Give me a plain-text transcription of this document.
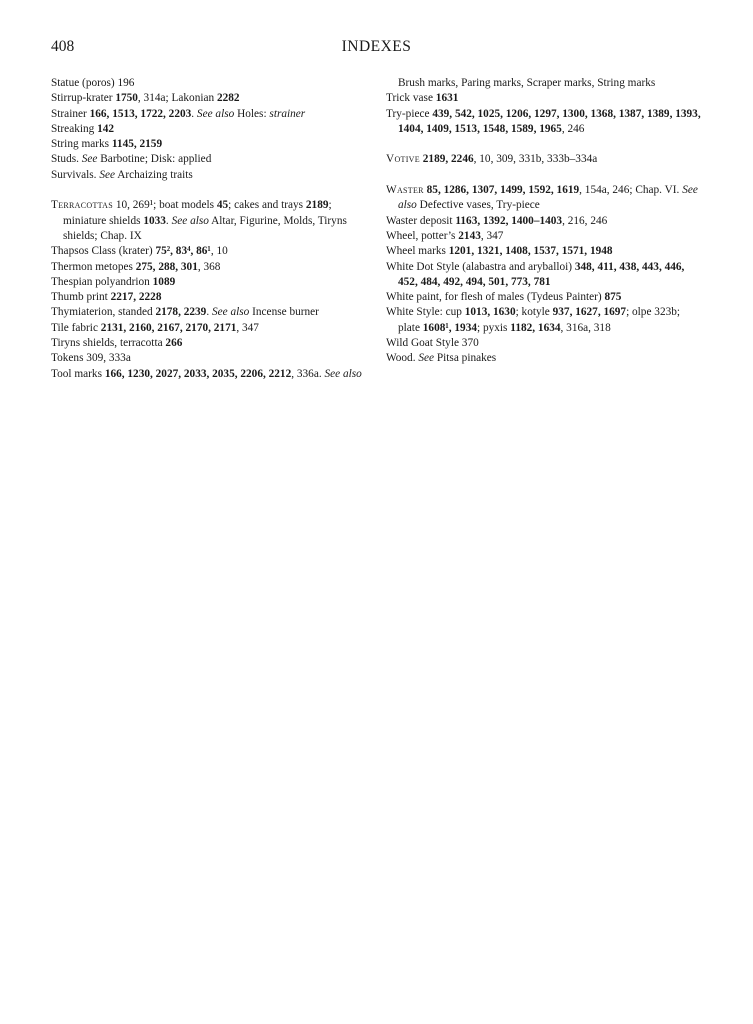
408	INDEXES
Statue (poros) 196
Stirrup-krater 1750, 314a; Lakonian 2282
Strainer 166, 1513, 1722, 2203. See also Holes: strainer
Streaking 142
String marks 1145, 2159
Studs. See Barbotine; Disk: applied
Survivals. See Archaizing traits
Terracottas 10, 269¹; boat models 45; cakes and trays 2189; miniature shields 1033. See also Altar, Figurine, Molds, Tiryns shields; Chap. IX
Thapsos Class (krater) 75², 83⁴, 86¹, 10
Thermon metopes 275, 288, 301, 368
Thespian polyandrion 1089
Thumb print 2217, 2228
Thymiaterion, standed 2178, 2239. See also Incense burner
Tile fabric 2131, 2160, 2167, 2170, 2171, 347
Tiryns shields, terracotta 266
Tokens 309, 333a
Tool marks 166, 1230, 2027, 2033, 2035, 2206, 2212, 336a. See also
Brush marks, Paring marks, Scraper marks, String marks
Trick vase 1631
Try-piece 439, 542, 1025, 1206, 1297, 1300, 1368, 1387, 1389, 1393, 1404, 1409, 1513, 1548, 1589, 1965, 246
Votive 2189, 2246, 10, 309, 331b, 333b–334a
Waster 85, 1286, 1307, 1499, 1592, 1619, 154a, 246; Chap. VI. See also Defective vases, Try-piece
Waster deposit 1163, 1392, 1400–1403, 216, 246
Wheel, potter’s 2143, 347
Wheel marks 1201, 1321, 1408, 1537, 1571, 1948
White Dot Style (alabastra and aryballoi) 348, 411, 438, 443, 446, 452, 484, 492, 494, 501, 773, 781
White paint, for flesh of males (Tydeus Painter) 875
White Style: cup 1013, 1630; kotyle 937, 1627, 1697; olpe 323b; plate 1608¹, 1934; pyxis 1182, 1634, 316a, 318
Wild Goat Style 370
Wood. See Pitsa pinakes
